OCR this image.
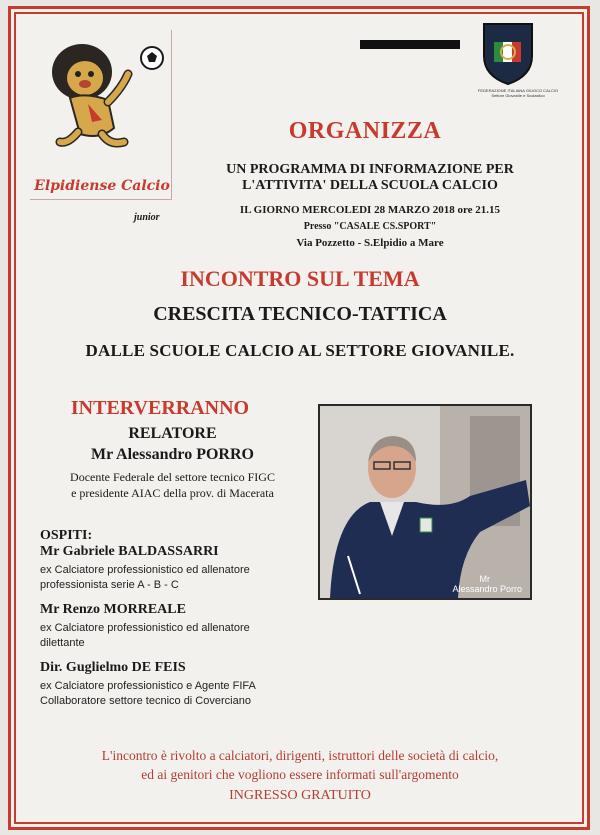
Elpidiense Calcio
junior
FEDERAZIONE ITALIANA GIUOCO CALCIO
Settore Giovanile e Scolastico
ORGANIZZA
UN PROGRAMMA DI INFORMAZIONE PER
L'ATTIVITA' DELLA SCUOLA CALCIO
IL GIORNO MERCOLEDI 28 MARZO 2018 ore 21.15
Presso "CASALE CS.SPORT"
Via Pozzetto - S.Elpidio a Mare
INCONTRO SUL TEMA
CRESCITA TECNICO-TATTICA
DALLE SCUOLE CALCIO AL SETTORE GIOVANILE.
INTERVERRANNO
RELATORE
Mr Alessandro PORRO
Docente Federale del settore tecnico FIGC
e presidente AIAC della prov. di Macerata
OSPITI:
Mr Gabriele BALDASSARRI
ex Calciatore professionistico ed allenatore
professionista serie A - B - C
Mr Renzo MORREALE
ex Calciatore professionistico ed allenatore
dilettante
Dir. Guglielmo DE FEIS
ex Calciatore professionistico e Agente FIFA
Collaboratore settore tecnico di Coverciano
Mr
Alessandro Porro
L'incontro è rivolto a calciatori, dirigenti, istruttori delle società di calcio,
ed ai genitori che vogliono essere informati sull'argomento
INGRESSO GRATUITO
